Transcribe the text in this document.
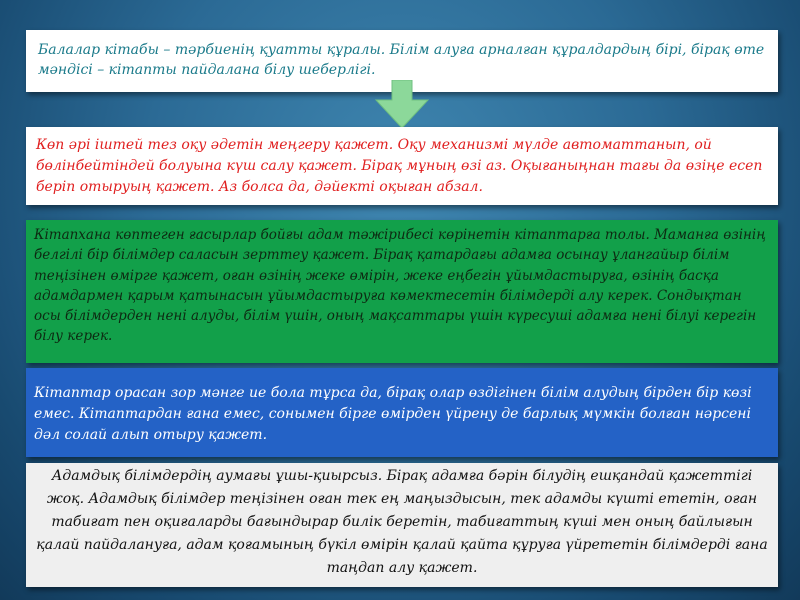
Балалар кітабы – тәрбиенің қуатты құралы. Білім алуға арналған құралдардың бірі, бірақ өте мәндісі – кітапты пайдалана білу шеберлігі.
Көп әрі іштей тез оқу әдетін меңгеру қажет. Оқу механизмі мүлде автоматтанып, ой бөлінбейтіндей болуына күш салу қажет. Бірақ мұның өзі аз. Оқығаныңнан тағы да өзіңе есеп беріп отыруың қажет. Аз болса да, дәйекті оқыған абзал.
Кітапхана көптеген ғасырлар бойғы адам тәжірибесі көрінетін кітаптарға толы. Маманға өзінің белгілі бір білімдер саласын зерттеу қажет. Бірақ қатардағы адамға осынау ұлангайыр білім теңізінен өмірге қажет, оған өзінің жеке өмірін, жеке еңбегін ұйымдастыруға, өзінің басқа адамдармен қарым қатынасын ұйымдастыруға көмектесетін білімдерді алу керек. Сондықтан осы білімдерден нені алуды, білім үшін, оның мақсаттары үшін күресуші адамға нені білуі керегін білу керек.
Кітаптар орасан зор мәнге ие бола тұрса да, бірақ олар өздігінен білім алудың бірден бір көзі емес. Кітаптардан ғана емес, сонымен бірге өмірден үйрену де барлық мүмкін болған нәрсені дәл солай алып отыру қажет.
Адамдық білімдердің аумағы ұшы-қиырсыз. Бірақ адамға бәрін білудің ешқандай қажеттігі жоқ. Адамдық білімдер теңізінен оған тек ең маңыздысын, тек адамды күшті ететін, оған табиғат пен оқиғаларды бағындырар билік беретін, табиғаттың күші мен оның байлығын қалай пайдалануға, адам қоғамының бүкіл өмірін қалай қайта құруға үйрететін білімдерді ғана таңдап алу қажет.
